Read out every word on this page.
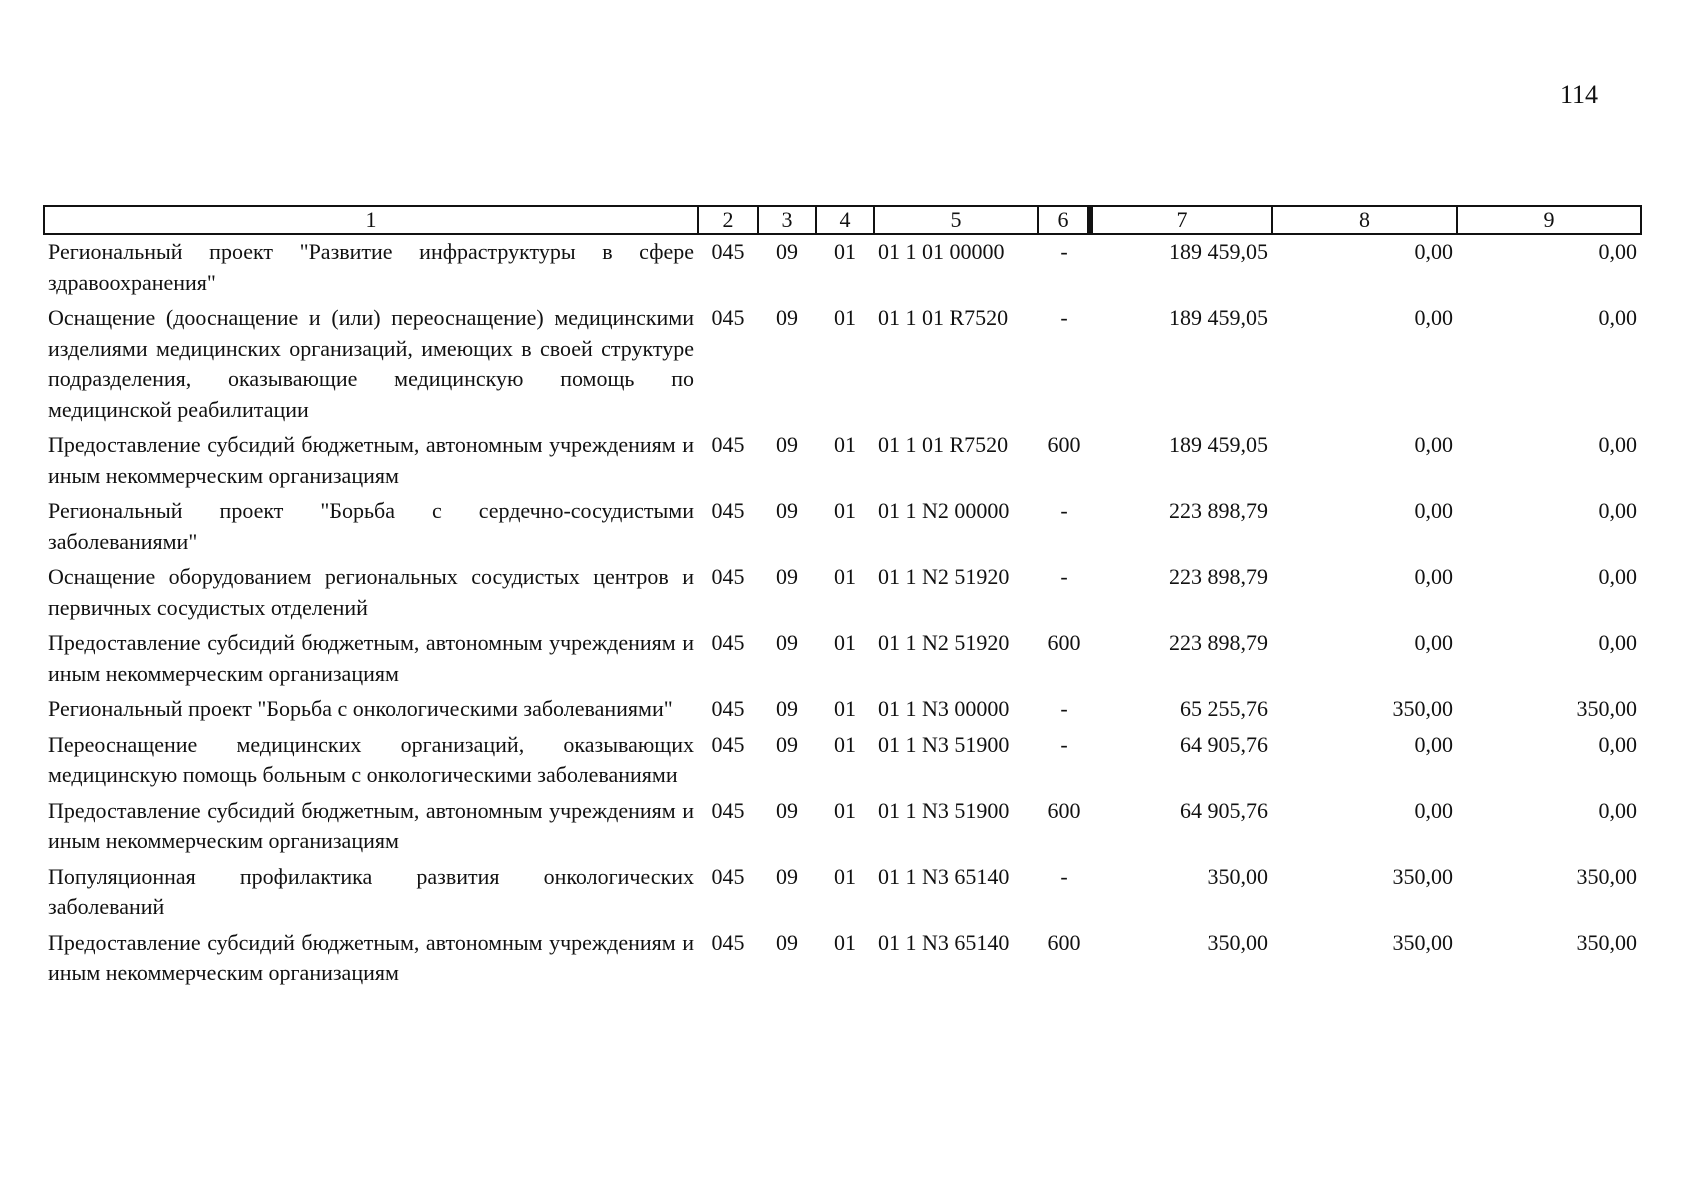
114
1	2	3	4	5	6	7	8	9
Региональный проект "Развитие инфраструктуры в сфере здравоохранения"	045	09	01	01 1 01 00000	-	189 459,05	0,00	0,00
Оснащение (дооснащение и (или) переоснащение) медицинскими изделиями медицинских организаций, имеющих в своей структуре подразделения, оказывающие медицинскую помощь по медицинской реабилитации	045	09	01	01 1 01 R7520	-	189 459,05	0,00	0,00
Предоставление субсидий бюджетным, автономным учреждениям и иным некоммерческим организациям	045	09	01	01 1 01 R7520	600	189 459,05	0,00	0,00
Региональный проект "Борьба с сердечно-сосудистыми заболеваниями"	045	09	01	01 1 N2 00000	-	223 898,79	0,00	0,00
Оснащение оборудованием региональных сосудистых центров и первичных сосудистых отделений	045	09	01	01 1 N2 51920	-	223 898,79	0,00	0,00
Предоставление субсидий бюджетным, автономным учреждениям и иным некоммерческим организациям	045	09	01	01 1 N2 51920	600	223 898,79	0,00	0,00
Региональный проект "Борьба с онкологическими заболеваниями"	045	09	01	01 1 N3 00000	-	65 255,76	350,00	350,00
Переоснащение медицинских организаций, оказывающих медицинскую помощь больным с онкологическими заболеваниями	045	09	01	01 1 N3 51900	-	64 905,76	0,00	0,00
Предоставление субсидий бюджетным, автономным учреждениям и иным некоммерческим организациям	045	09	01	01 1 N3 51900	600	64 905,76	0,00	0,00
Популяционная профилактика развития онкологических заболеваний	045	09	01	01 1 N3 65140	-	350,00	350,00	350,00
Предоставление субсидий бюджетным, автономным учреждениям и иным некоммерческим организациям	045	09	01	01 1 N3 65140	600	350,00	350,00	350,00
